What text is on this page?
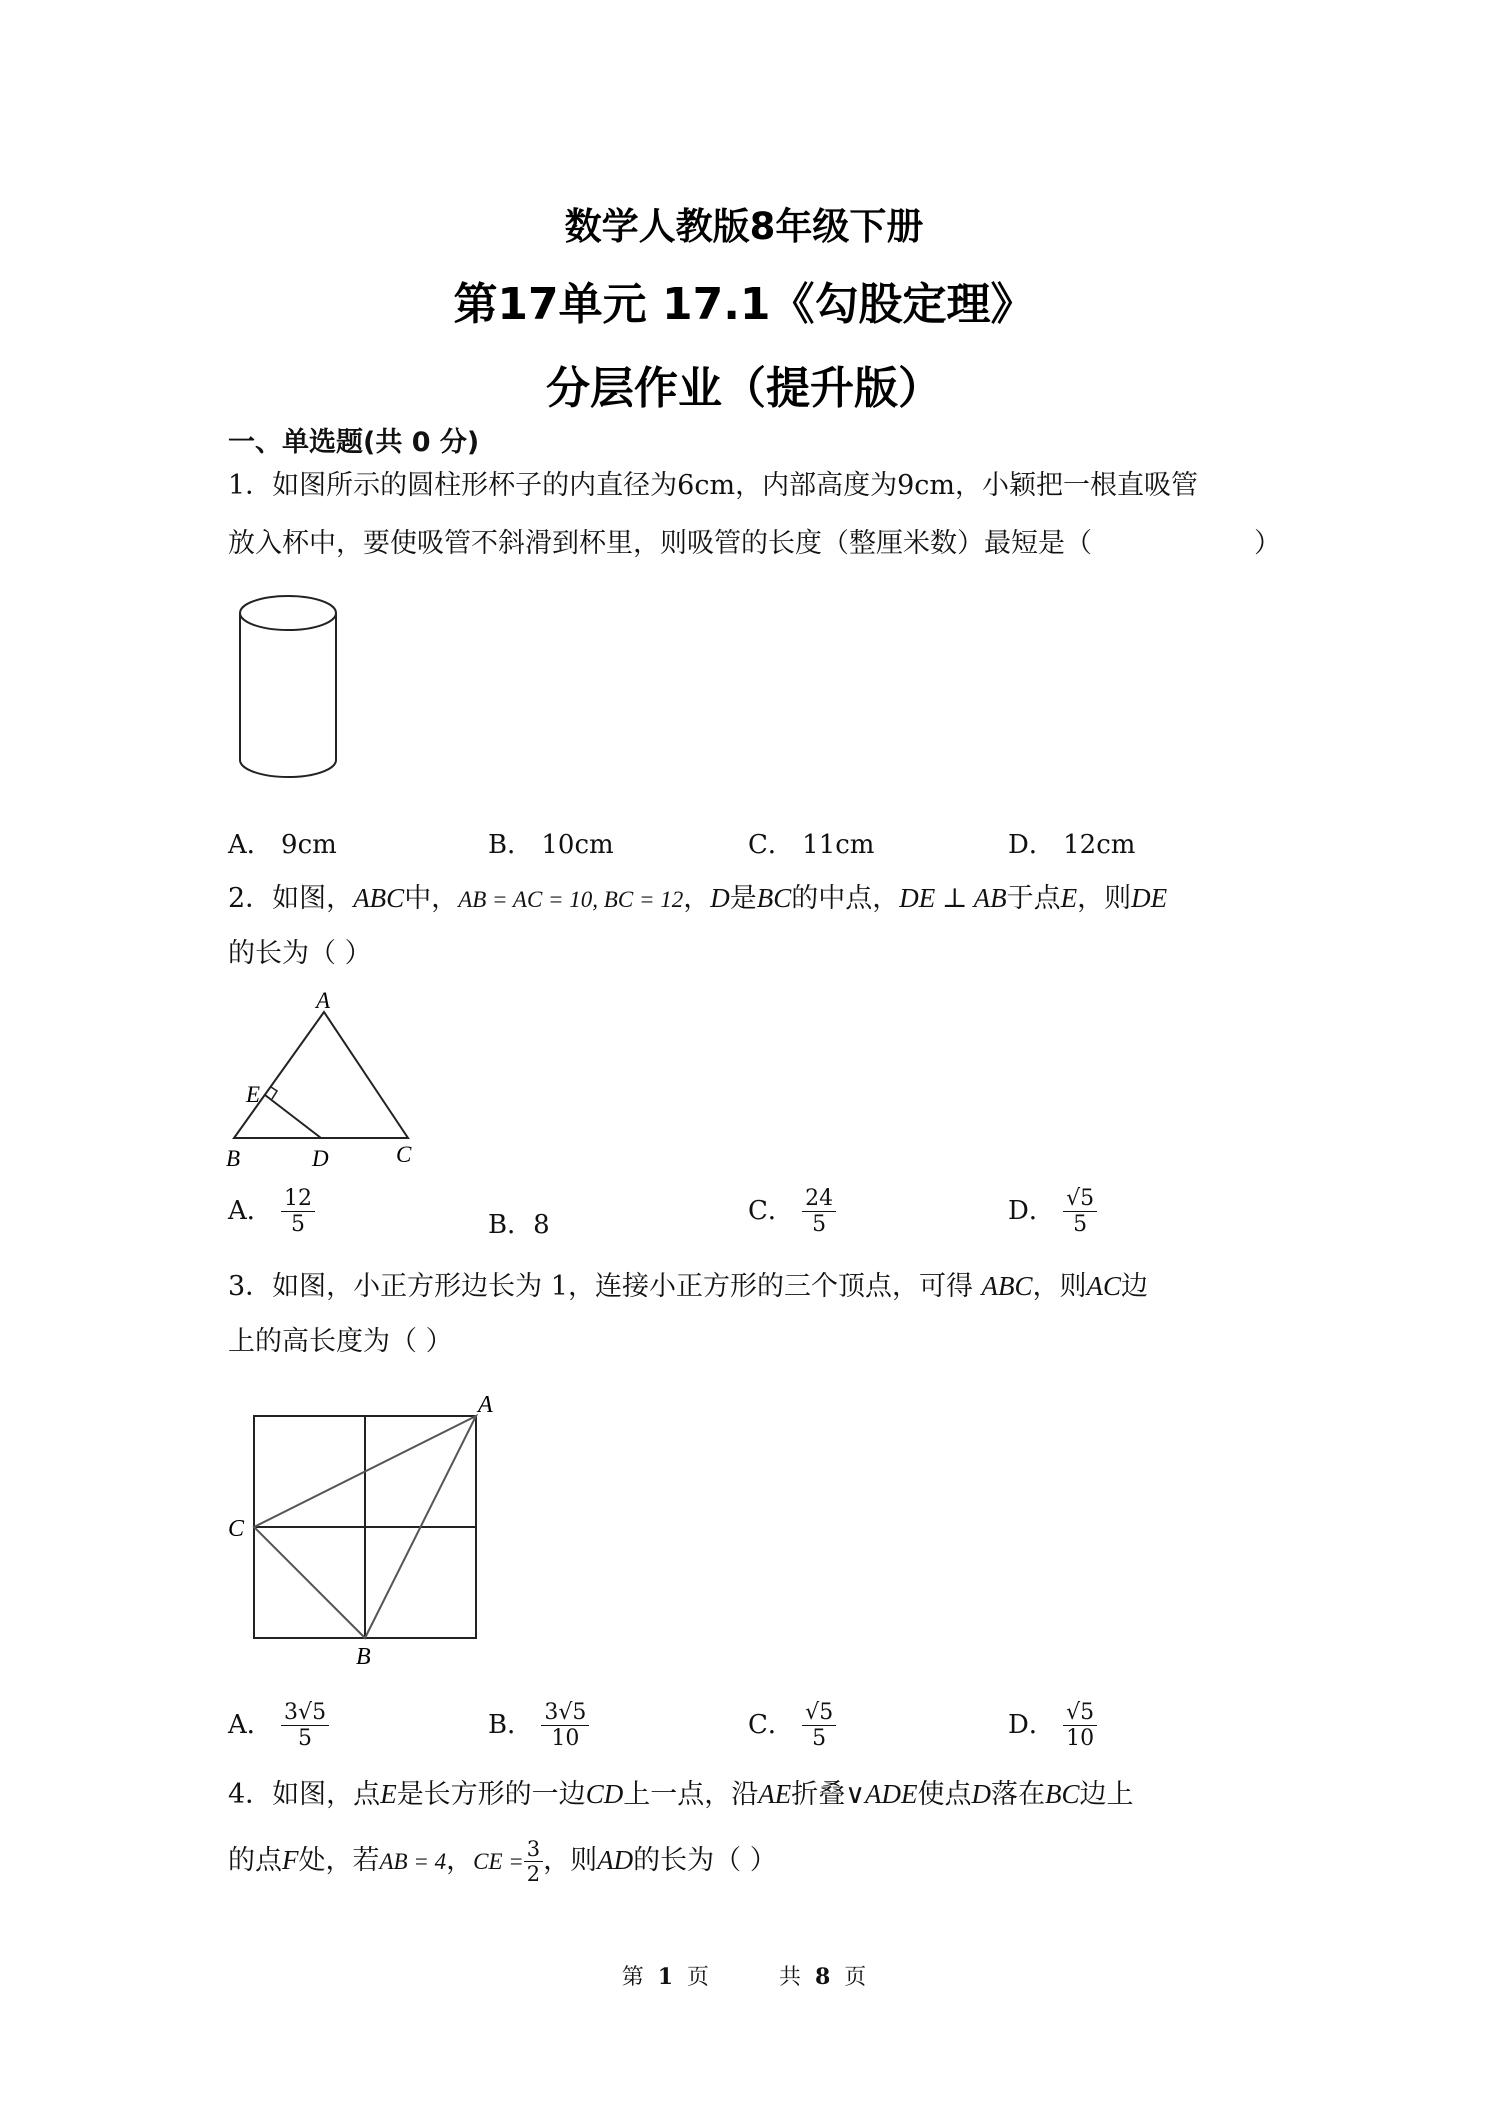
数学人教版8年级下册
第17单元 17.1《勾股定理》
分层作业（提升版）
一、单选题(共 0 分)
1．如图所示的圆柱形杯子的内直径为6cm，内部高度为9cm，小颖把一根直吸管
放入杯中，要使吸管不斜滑到杯里，则吸管的长度（整厘米数）最短是（	）
A． 9cm	B． 10cm	C． 11cm	D． 12cm
2．如图，ABC中，AB = AC = 10, BC = 12，D是BC的中点，DE ⊥ AB于点E，则DE
的长为（ ）
A
E
B	D	C
A． $\frac{12}{5}$	B．8	C． $\frac{24}{5}$	D． $\frac{√5}{5}$
3．如图，小正方形边长为 1，连接小正方形的三个顶点，可得 ABC，则AC边
上的高长度为（ ）
A
C
B
A． $\frac{3√5}{5}$	B． $\frac{3√5}{10}$	C． $\frac{√5}{5}$	D． $\frac{√5}{10}$
4．如图，点E是长方形的一边CD上一点，沿AE折叠∨ADE使点D落在BC边上
的点F处，若AB = 4，CE = $\frac{3}{2}$ ，则AD的长为（ ）
第 1 页	共 8 页
